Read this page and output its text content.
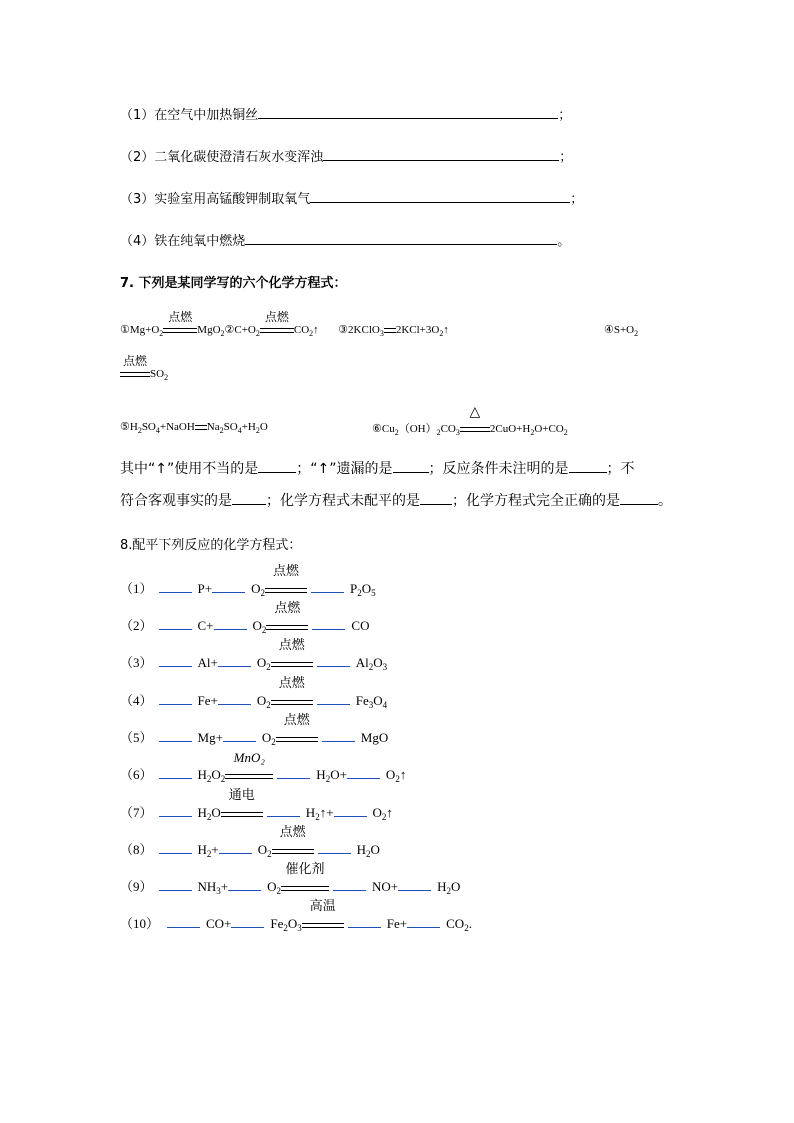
（1）在空气中加热铜丝	；
（2）二氧化碳使澄清石灰水变浑浊	；
（3）实验室用高锰酸钾制取氧气	；
（4）铁在纯氧中燃烧	。
7. 下列是某同学写的六个化学方程式：
$①Mg+O_2$
点燃
$MgO_2②C+O_2$
点燃
$CO_2↑$ ③2KClO$_3$ $2KCl+3O_2↑$	$④S+O_2$
点燃
$SO_2$
$⑤H_2SO_4+NaOH$ $Na_2SO_4+H_2O$	$⑥Cu_2(OH)_2CO_3$
△
$2CuO+H_2O+CO_2$
其中“↑”使用不当的是	；“↑”遗漏的是	；反应条件未注明的是	；不
符合客观事实的是 ；化学方程式未配平的是 ；化学方程式完全正确的是	。
8.配平下列反应的化学方程式：
（1）	P+	$O_2$
点燃
$P_2O_5$
（2）	C+	$O_2$
点燃
CO
（3）	Al+	$O_2$
点燃
$Al_2O_3$
（4）	Fe+	$O_2$
点燃
$Fe_3O_4$
（5）	Mg+	$O_2$
点燃
MgO
（6）	$H_2O_2$
MnO₂
$H_2O+$	$O_2↑$
（7）	$H_2O$
通电
$H_2↑+$	$O_2↑$
（8）	$H_2+$	$O_2$
点燃
$H_2O$
（9）	$NH_3+$	$O_2$
催化剂
NO+	$H_2O$
（10）	CO+	$Fe_2O_3$
高温
Fe+	$CO_2$.
